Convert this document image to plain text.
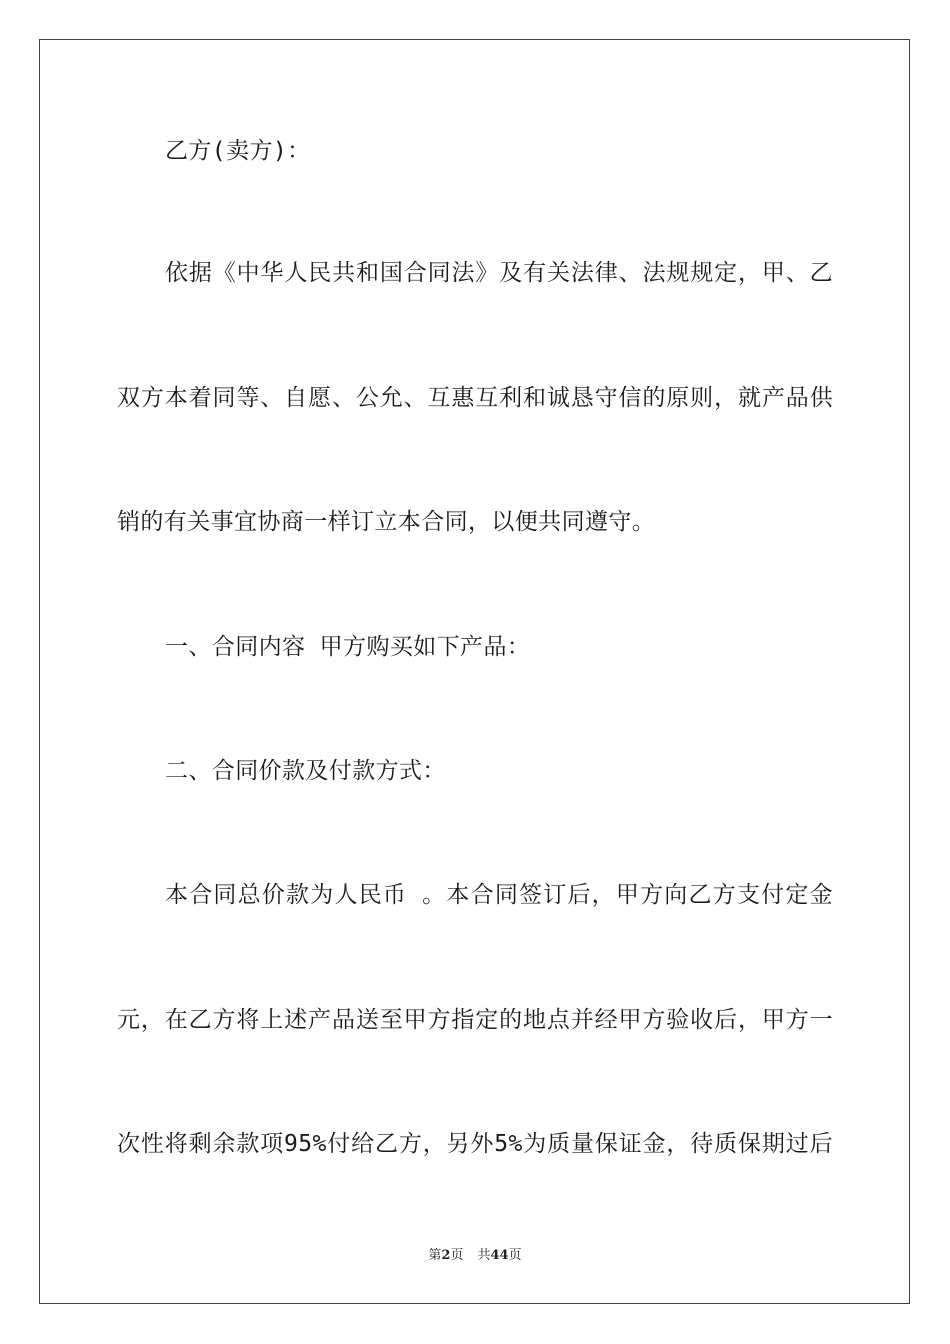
乙方(卖方)：
依据《中华人民共和国合同法》及有关法律、法规规定，甲、乙
双方本着同等、自愿、公允、互惠互利和诚恳守信的原则，就产品供
销的有关事宜协商一样订立本合同，以便共同遵守。
一、合同内容 甲方购买如下产品：
二、合同价款及付款方式：
本合同总价款为人民币 。本合同签订后，甲方向乙方支付定金
元，在乙方将上述产品送至甲方指定的地点并经甲方验收后，甲方一
次性将剩余款项95%付给乙方，另外5%为质量保证金，待质保期过后
第2页 共44页
